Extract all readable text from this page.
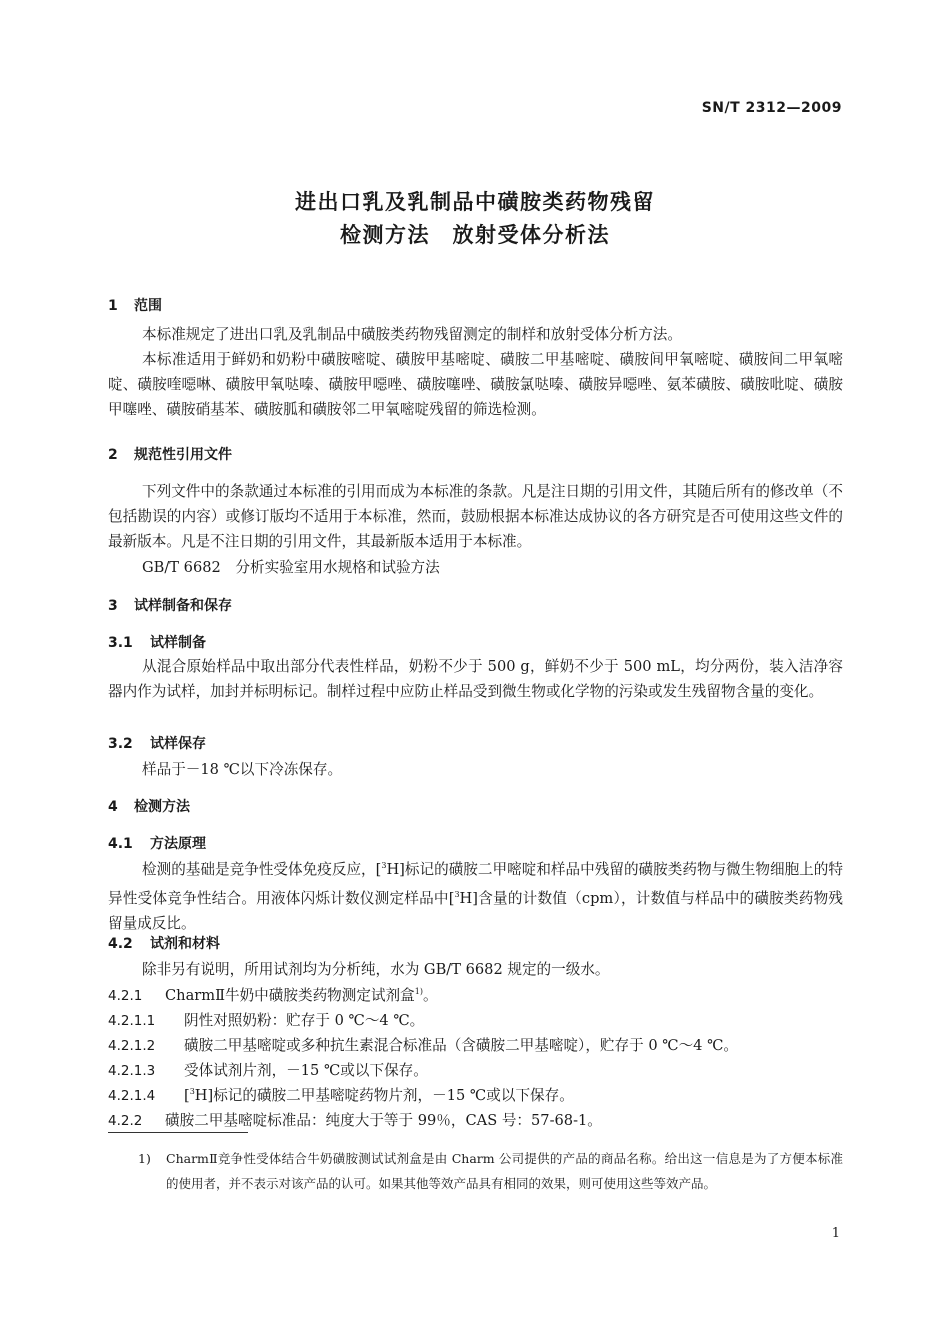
SN/T 2312—2009
进出口乳及乳制品中磺胺类药物残留
检测方法　放射受体分析法
1 范围

本标准规定了进出口乳及乳制品中磺胺类药物残留测定的制样和放射受体分析方法。

本标准适用于鲜奶和奶粉中磺胺嘧啶、磺胺甲基嘧啶、磺胺二甲基嘧啶、磺胺间甲氧嘧啶、磺胺间二甲氧嘧啶、磺胺喹噁啉、磺胺甲氧哒嗪、磺胺甲噁唑、磺胺噻唑、磺胺氯哒嗪、磺胺异噁唑、氨苯磺胺、磺胺吡啶、磺胺甲噻唑、磺胺硝基苯、磺胺胍和磺胺邻二甲氧嘧啶残留的筛选检测。

2 规范性引用文件

下列文件中的条款通过本标准的引用而成为本标准的条款。凡是注日期的引用文件，其随后所有的修改单（不包括勘误的内容）或修订版均不适用于本标准，然而，鼓励根据本标准达成协议的各方研究是否可使用这些文件的最新版本。凡是不注日期的引用文件，其最新版本适用于本标准。

GB/T 6682　分析实验室用水规格和试验方法
3 试样制备和保存
3.1 试样制备

从混合原始样品中取出部分代表性样品，奶粉不少于 500 g，鲜奶不少于 500 mL，均分两份，装入洁净容器内作为试样，加封并标明标记。制样过程中应防止样品受到微生物或化学物的污染或发生残留物含量的变化。

3.2 试样保存
样品于－18 ℃以下冷冻保存。
4 检测方法
4.1 方法原理

检测的基础是竞争性受体免疫反应，[$^3$H]标记的磺胺二甲嘧啶和样品中残留的磺胺类药物与微生物细胞上的特异性受体竞争性结合。用液体闪烁计数仪测定样品中[$^3$H]含量的计数值（cpm），计数值与样品中的磺胺类药物残留量成反比。

4.2 试剂和材料
除非另有说明，所用试剂均为分析纯，水为 GB/T 6682 规定的一级水。
4.2.1 CharmⅡ牛奶中磺胺类药物测定试剂盒$^{1)}$。
4.2.1.1 阴性对照奶粉：贮存于 0 ℃～4 ℃。
4.2.1.2 磺胺二甲基嘧啶或多种抗生素混合标准品（含磺胺二甲基嘧啶），贮存于 0 ℃～4 ℃。
4.2.1.3 受体试剂片剂，－15 ℃或以下保存。
4.2.1.4 [$^3$H]标记的磺胺二甲基嘧啶药物片剂，－15 ℃或以下保存。
4.2.2 磺胺二甲基嘧啶标准品：纯度大于等于 99％，CAS 号：57-68-1。
1) CharmⅡ竞争性受体结合牛奶磺胺测试试剂盒是由 Charm 公司提供的产品的商品名称。给出这一信息是为了方便本标准的使用者，并不表示对该产品的认可。如果其他等效产品具有相同的效果，则可使用这些等效产品。
1
